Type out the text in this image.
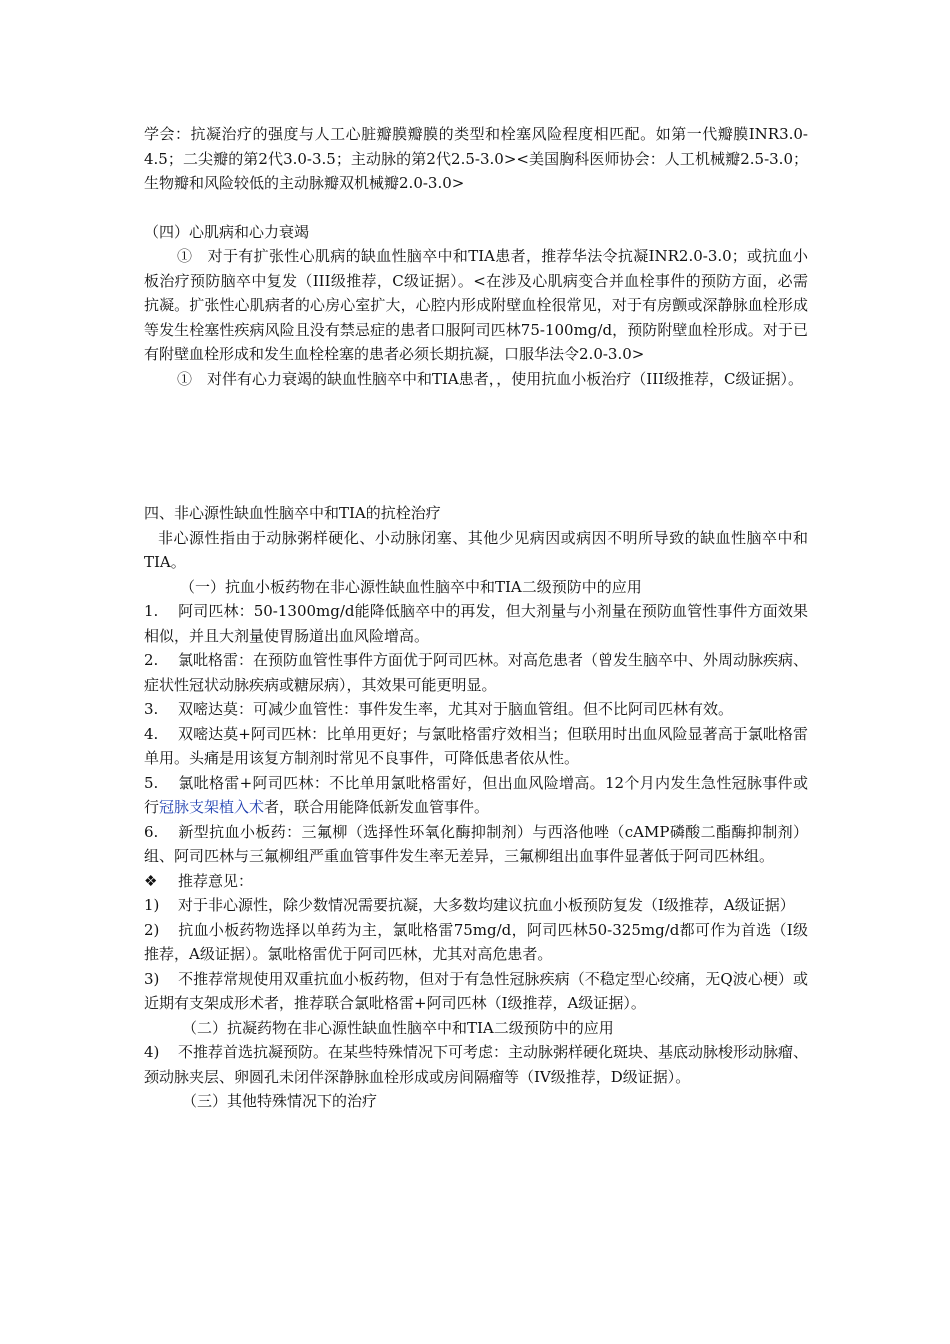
学会：抗凝治疗的强度与人工心脏瓣膜瓣膜的类型和栓塞风险程度相匹配。如第一代瓣膜INR3.0-4.5；二尖瓣的第2代3.0-3.5；主动脉的第2代2.5-3.0><美国胸科医师协会：人工机械瓣2.5-3.0；生物瓣和风险较低的主动脉瓣双机械瓣2.0-3.0>

（四）心肌病和心力衰竭

①　对于有扩张性心肌病的缺血性脑卒中和TIA患者，推荐华法令抗凝INR2.0-3.0；或抗血小板治疗预防脑卒中复发（III级推荐，C级证据）。<在涉及心肌病变合并血栓事件的预防方面，必需抗凝。扩张性心肌病者的心房心室扩大，心腔内形成附壁血栓很常见，对于有房颤或深静脉血栓形成等发生栓塞性疾病风险且没有禁忌症的患者口服阿司匹林75-100mg/d，预防附壁血栓形成。对于已有附壁血栓形成和发生血栓栓塞的患者必须长期抗凝，口服华法令2.0-3.0>

①　对伴有心力衰竭的缺血性脑卒中和TIA患者，，使用抗血小板治疗（III级推荐，C级证据）。

四、非心源性缺血性脑卒中和TIA的抗栓治疗

非心源性指由于动脉粥样硬化、小动脉闭塞、其他少见病因或病因不明所导致的缺血性脑卒中和TIA。

（一）抗血小板药物在非心源性缺血性脑卒中和TIA二级预防中的应用

1. 阿司匹林：50-1300mg/d能降低脑卒中的再发，但大剂量与小剂量在预防血管性事件方面效果相似，并且大剂量使胃肠道出血风险增高。

2. 氯吡格雷：在预防血管性事件方面优于阿司匹林。对高危患者（曾发生脑卒中、外周动脉疾病、症状性冠状动脉疾病或糖尿病），其效果可能更明显。

3. 双嘧达莫：可减少血管性：事件发生率，尤其对于脑血管组。但不比阿司匹林有效。

4. 双嘧达莫+阿司匹林：比单用更好；与氯吡格雷疗效相当；但联用时出血风险显著高于氯吡格雷单用。头痛是用该复方制剂时常见不良事件，可降低患者依从性。

5. 氯吡格雷+阿司匹林：不比单用氯吡格雷好，但出血风险增高。12个月内发生急性冠脉事件或行冠脉支架植入术者，联合用能降低新发血管事件。

6. 新型抗血小板药：三氟柳（选择性环氧化酶抑制剂）与西洛他唑（cAMP磷酸二酯酶抑制剂）组、阿司匹林与三氟柳组严重血管事件发生率无差异，三氟柳组出血事件显著低于阿司匹林组。

❖ 推荐意见：

1) 对于非心源性，除少数情况需要抗凝，大多数均建议抗血小板预防复发（I级推荐，A级证据）

2) 抗血小板药物选择以单药为主，氯吡格雷75mg/d，阿司匹林50-325mg/d都可作为首选（I级推荐，A级证据）。氯吡格雷优于阿司匹林，尤其对高危患者。

3) 不推荐常规使用双重抗血小板药物，但对于有急性冠脉疾病（不稳定型心绞痛，无Q波心梗）或近期有支架成形术者，推荐联合氯吡格雷+阿司匹林（I级推荐，A级证据）。

（二）抗凝药物在非心源性缺血性脑卒中和TIA二级预防中的应用

4) 不推荐首选抗凝预防。在某些特殊情况下可考虑：主动脉粥样硬化斑块、基底动脉梭形动脉瘤、颈动脉夹层、卵圆孔未闭伴深静脉血栓形成或房间隔瘤等（IV级推荐，D级证据）。

（三）其他特殊情况下的治疗
